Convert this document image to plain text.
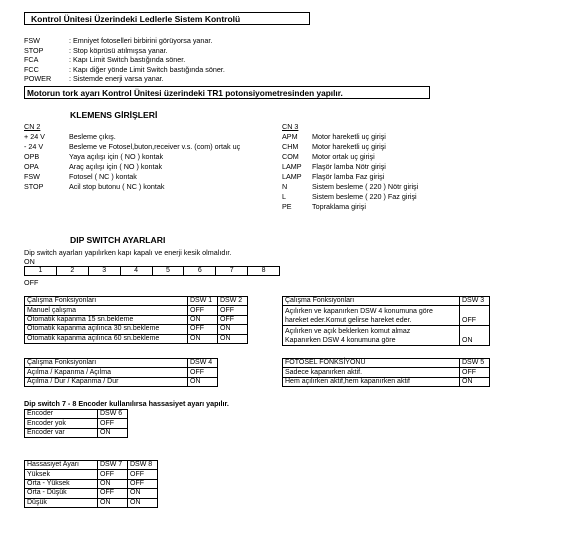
Kontrol Ünitesi Üzerindeki Ledlerle Sistem Kontrolü
FSW	: Emniyet fotoselleri birbirini görüyorsa yanar.
STOP	: Stop köprüsü atılmışsa yanar.
FCA	: Kapı Limit Switch bastığında söner.
FCC	: Kapı diğer yönde Limit Switch bastığında söner.
POWER : Sistemde enerji varsa yanar.
Motorun tork ayarı Kontrol Ünitesi üzerindeki TR1 potonsiyometresinden yapılır.
KLEMENS GİRİŞLERİ
CN 2
+ 24 V	Besleme çıkış.
- 24 V	Besleme ve Fotosel,buton,receiver v.s. (com) ortak uç
OPB	Yaya açılışı için ( NO ) kontak
OPA	Araç açılışı için ( NO ) kontak
FSW	Fotosel ( NC ) kontak
STOP	Acil stop butonu ( NC ) kontak
CN 3
APM Motor hareketli uç girişi
CHM Motor hareketli uç girişi
COM Motor ortak uç girişi
LAMP Flaşör lamba Nötr girişi
LAMP Flaşör lamba Faz girişi
N	Sistem besleme ( 220 ) Nötr girişi
L	Sistem besleme ( 220 ) Faz girişi
PE	Topraklama girişi
DIP SWITCH AYARLARI
Dip switch ayarları yapılırken kapı kapalı ve enerji kesik olmalıdır.
ON
1	2	3	4	5	6	7	8
OFF
Çalışma Fonksiyonları	DSW 1	DSW 2
Manuel çalışma	OFF	OFF
Otomatik kapanma 15 sn.bekleme	ON	OFF
Otomatik kapanma açılınca 30 sn.bekleme	OFF	ON
Otomatik kapanma açılınca 60 sn.bekleme	ON	ON
Çalışma Fonksiyonları	DSW 3

Açılırken ve kapanırken DSW 4 konumuna göre
hareket eder.Komut gelirse hareket eder.	OFF

Açılırken ve açık beklerken komut almaz
Kapanırken DSW 4 konumuna göre	ON
Çalışma Fonksiyonları	DSW 4
Açılma / Kapanma / Açılma	OFF
Açılma / Dur / Kapanma / Dur	ON
FOTOSEL FONKSİYONU	DSW 5
Sadece kapanırken aktif.	OFF
Hem açılırken aktif,hem kapanırken aktif	ON
Dip switch 7 - 8 Encoder kullanılırsa hassasiyet ayarı yapılır.
Encoder	DSW 6
Encoder yok	OFF
Encoder var	ON
Hassasiyet Ayarı	DSW 7	DSW 8
Yüksek	OFF	OFF
Orta - Yüksek	ON	OFF
Orta - Düşük	OFF	ON
Düşük	ON	ON
